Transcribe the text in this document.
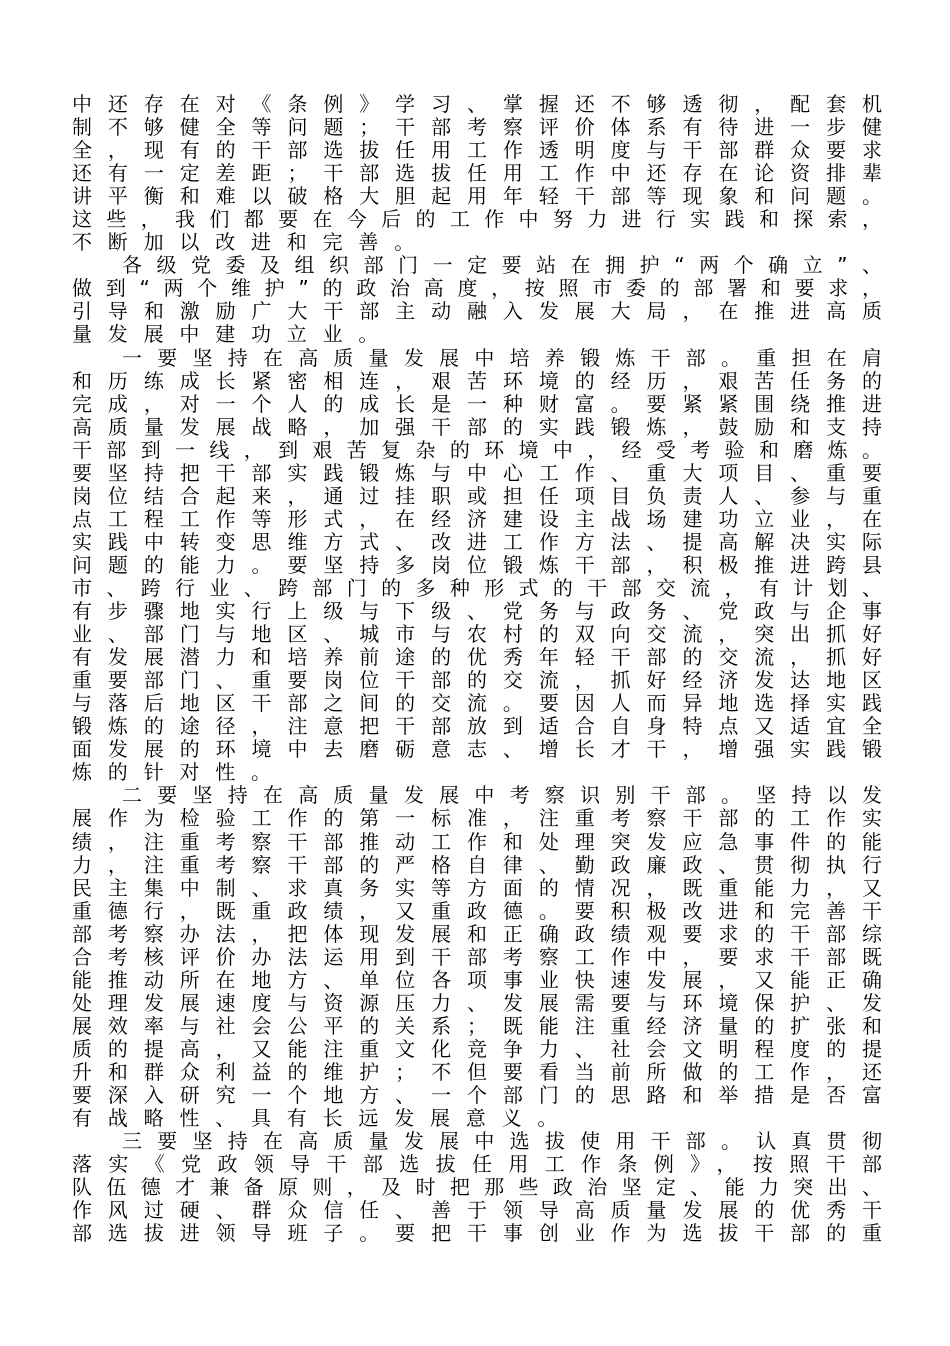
中还存在对《条例》学习、掌握还不够透彻，配套机
制不够健全等问题；干部考察评价体系有待进一步健
全，现有的干部选拔任用工作透明度与干部群众要求
还有一定差距；干部选拔任用工作中还存在论资排辈
讲平衡和难以破格大胆起用年轻干部等现象和问题。
这些，我们都要在今后的工作中努力进行实践和探索，
不断加以改进和完善。
各级党委及组织部门一定要站在拥护“两个确立”、
做到“两个维护”的政治高度，按照市委的部署和要求，
引导和激励广大干部主动融入发展大局，在推进高质
量发展中建功立业。
一要坚持在高质量发展中培养锻炼干部。重担在肩
和历练成长紧密相连，艰苦环境的经历，艰苦任务的
完成，对一个人的成长是一种财富。要紧紧围绕推进
高质量发展战略，加强干部的实践锻炼，鼓励和支持
干部到一线，到艰苦复杂的环境中，经受考验和磨炼。
要坚持把干部实践锻炼与中心工作、重大项目、重要
岗位结合起来，通过挂职或担任项目负责人、参与重
点工程工作等形式，在经济建设主战场建功立业，在
实践中转变思维方式、改进工作方法、提高解决实际
问题的能力。要坚持多岗位锻炼干部，积极推进跨县
市、跨行业、跨部门的多种形式的干部交流，有计划、
有步骤地实行上级与下级、党务与政务、党政与企事
业、部门与地区、城市与农村的双向交流，突出抓好
有发展潜力和培养前途的优秀年轻干部的交流，抓好
重要部门、重要岗位干部的交流，抓好经济发达地区
与落后地区干部之间的交流。要因人而异地选择实践
锻炼的途径，注意把干部放到适合自身特点又适宜全
面发展的环境中去磨砺意志、增长才干，增强实践锻
炼的针对性。
二要坚持在高质量发展中考察识别干部。坚持以发
展作为检验工作的第一标准，注重考察干部的工作实
绩，注重考察干部推动工作和处理突发应急事件的能
力，注重考察干部的严格自律、勤政廉政、贯彻执行
民主集中制、求真务实等方面的情况，既重能力，又
重德行，既重政绩，又重政德。要积极改进和完善干
部考察办法，把体现发展和正确政绩观要求的干部综
合考核评价办法运用到干部考察工作中，要求干部既
能推动所在地方、单位各项事业快速发展，又能正确
处理发展速度与资源压力、发展需要与环境保护、发
展效率与社会公平的关系；既能注重经济量的扩张和
质的提高，又能注重文化竞争力、社会文明程度的提
升和群众利益的维护；不但要看当前所做的工作，还
要深入研究一个地方、一个部门的思路和举措是否富
有战略性、具有长远发展意义。
三要坚持在高质量发展中选拔使用干部。认真贯彻
落实《党政领导干部选拔任用工作条例》，按照干部
队伍德才兼备原则，及时把那些政治坚定、能力突出、
作风过硬、群众信任、善于领导高质量发展的优秀干
部选拔进领导班子。要把干事创业作为选拔干部的重
